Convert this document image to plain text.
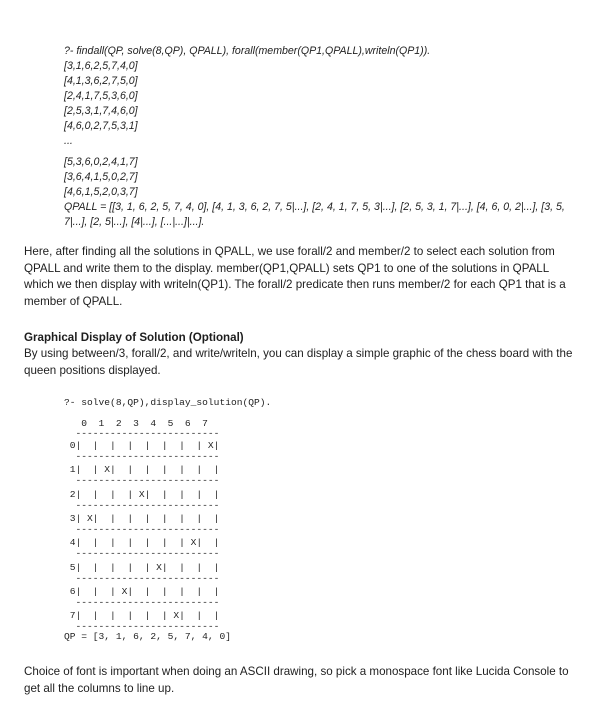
?- findall(QP, solve(8,QP), QPALL), forall(member(QP1,QPALL),writeln(QP1)).
[3,1,6,2,5,7,4,0]
[4,1,3,6,2,7,5,0]
[2,4,1,7,5,3,6,0]
[2,5,3,1,7,4,6,0]
[4,6,0,2,7,5,3,1]
...
[5,3,6,0,2,4,1,7]
[3,6,4,1,5,0,2,7]
[4,6,1,5,2,0,3,7]
QPALL = [[3, 1, 6, 2, 5, 7, 4, 0], [4, 1, 3, 6, 2, 7, 5|...], [2, 4, 1, 7, 5, 3|...], [2, 5, 3, 1, 7|...], [4, 6, 0, 2|...], [3, 5, 7|...], [2, 5|...], [4|...], [...|...]|...].
Here, after finding all the solutions in QPALL, we use forall/2 and member/2 to select each solution from QPALL and write them to the display. member(QP1,QPALL) sets QP1 to one of the solutions in QPALL which we then display with writeln(QP1). The forall/2 predicate then runs member/2 for each QP1 that is a member of QPALL.
Graphical Display of Solution (Optional)
By using between/3, forall/2, and write/writeln, you can display a simple graphic of the chess board with the queen positions displayed.
?- solve(8,QP),display_solution(QP).
0  1  2  3  4  5  6  7
-------------------------
0|  |  |  |  |  |  |  | X|
-------------------------
1|  | X|  |  |  |  |  |  |
-------------------------
2|  |  |  | X|  |  |  |  |
-------------------------
3| X|  |  |  |  |  |  |  |
-------------------------
4|  |  |  |  |  |  | X|  |
-------------------------
5|  |  |  |  | X|  |  |  |
-------------------------
6|  |  | X|  |  |  |  |  |
-------------------------
7|  |  |  |  |  | X|  |  |
-------------------------
QP = [3, 1, 6, 2, 5, 7, 4, 0]
Choice of font is important when doing an ASCII drawing, so pick a monospace font like Lucida Console to get all the columns to line up.
